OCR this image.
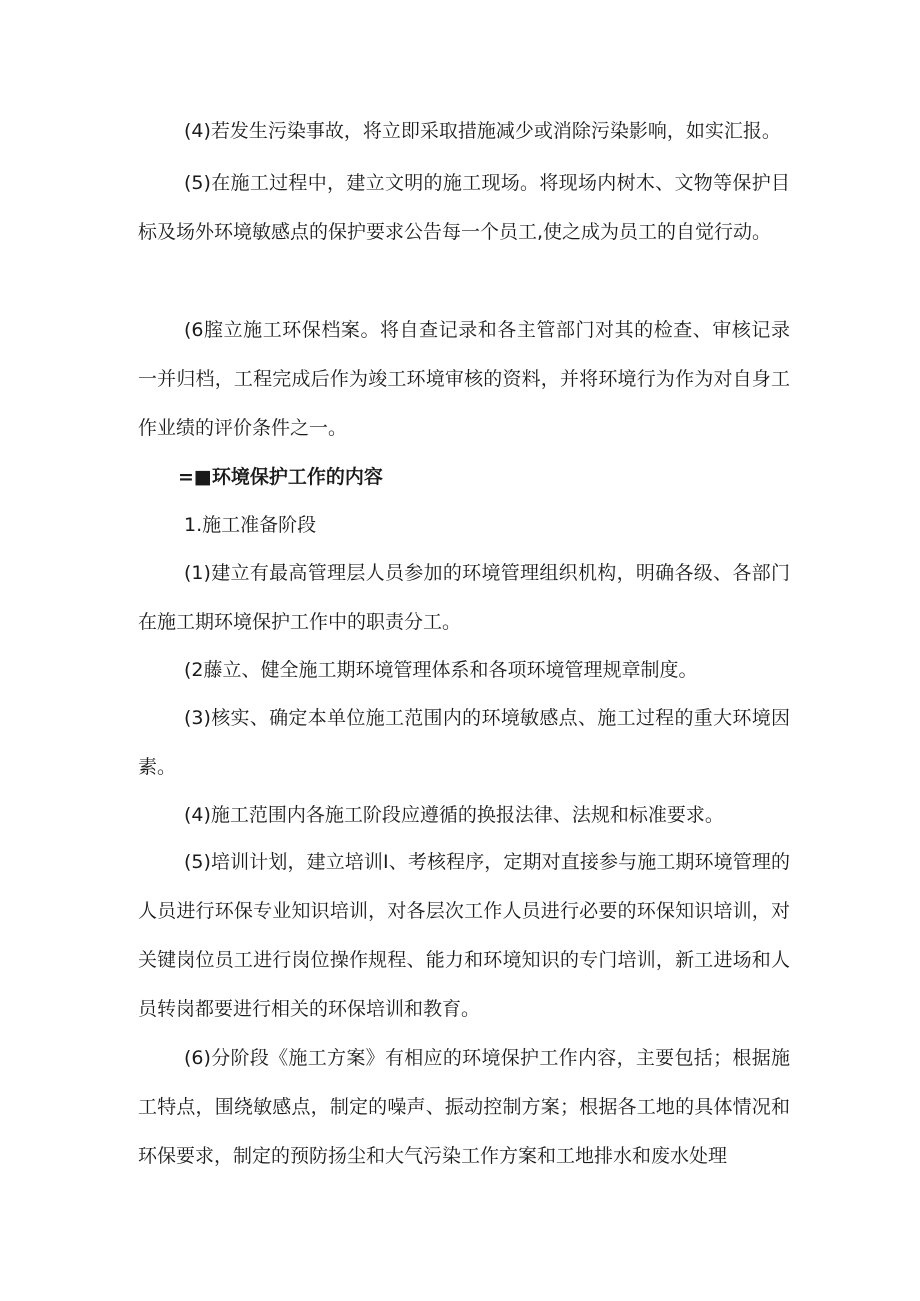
(4)若发生污染事故，将立即采取措施减少或消除污染影响，如实汇报。

(5)在施工过程中，建立文明的施工现场。将现场内树木、文物等保护目标及场外环境敏感点的保护要求公告每一个员工,使之成为员工的自觉行动。

(6腟立施工环保档案。将自查记录和各主管部门对其的检查、审核记录一并归档，工程完成后作为竣工环境审核的资料，并将环境行为作为对自身工作业绩的评价条件之一。

=■环境保护工作的内容

1.施工准备阶段

(1)建立有最高管理层人员参加的环境管理组织机构，明确各级、各部门在施工期环境保护工作中的职责分工。

(2藤立、健全施工期环境管理体系和各项环境管理规章制度。

(3)核实、确定本单位施工范围内的环境敏感点、施工过程的重大环境因素。

(4)施工范围内各施工阶段应遵循的换报法律、法规和标准要求。

(5)培训计划，建立培训Ⅰ、考核程序，定期对直接参与施工期环境管理的人员进行环保专业知识培训，对各层次工作人员进行必要的环保知识培训，对关键岗位员工进行岗位操作规程、能力和环境知识的专门培训，新工进场和人员转岗都要进行相关的环保培训和教育。

(6)分阶段《施工方案》有相应的环境保护工作内容，主要包括；根据施工特点，围绕敏感点，制定的噪声、振动控制方案；根据各工地的具体情况和环保要求，制定的预防扬尘和大气污染工作方案和工地排水和废水处理
